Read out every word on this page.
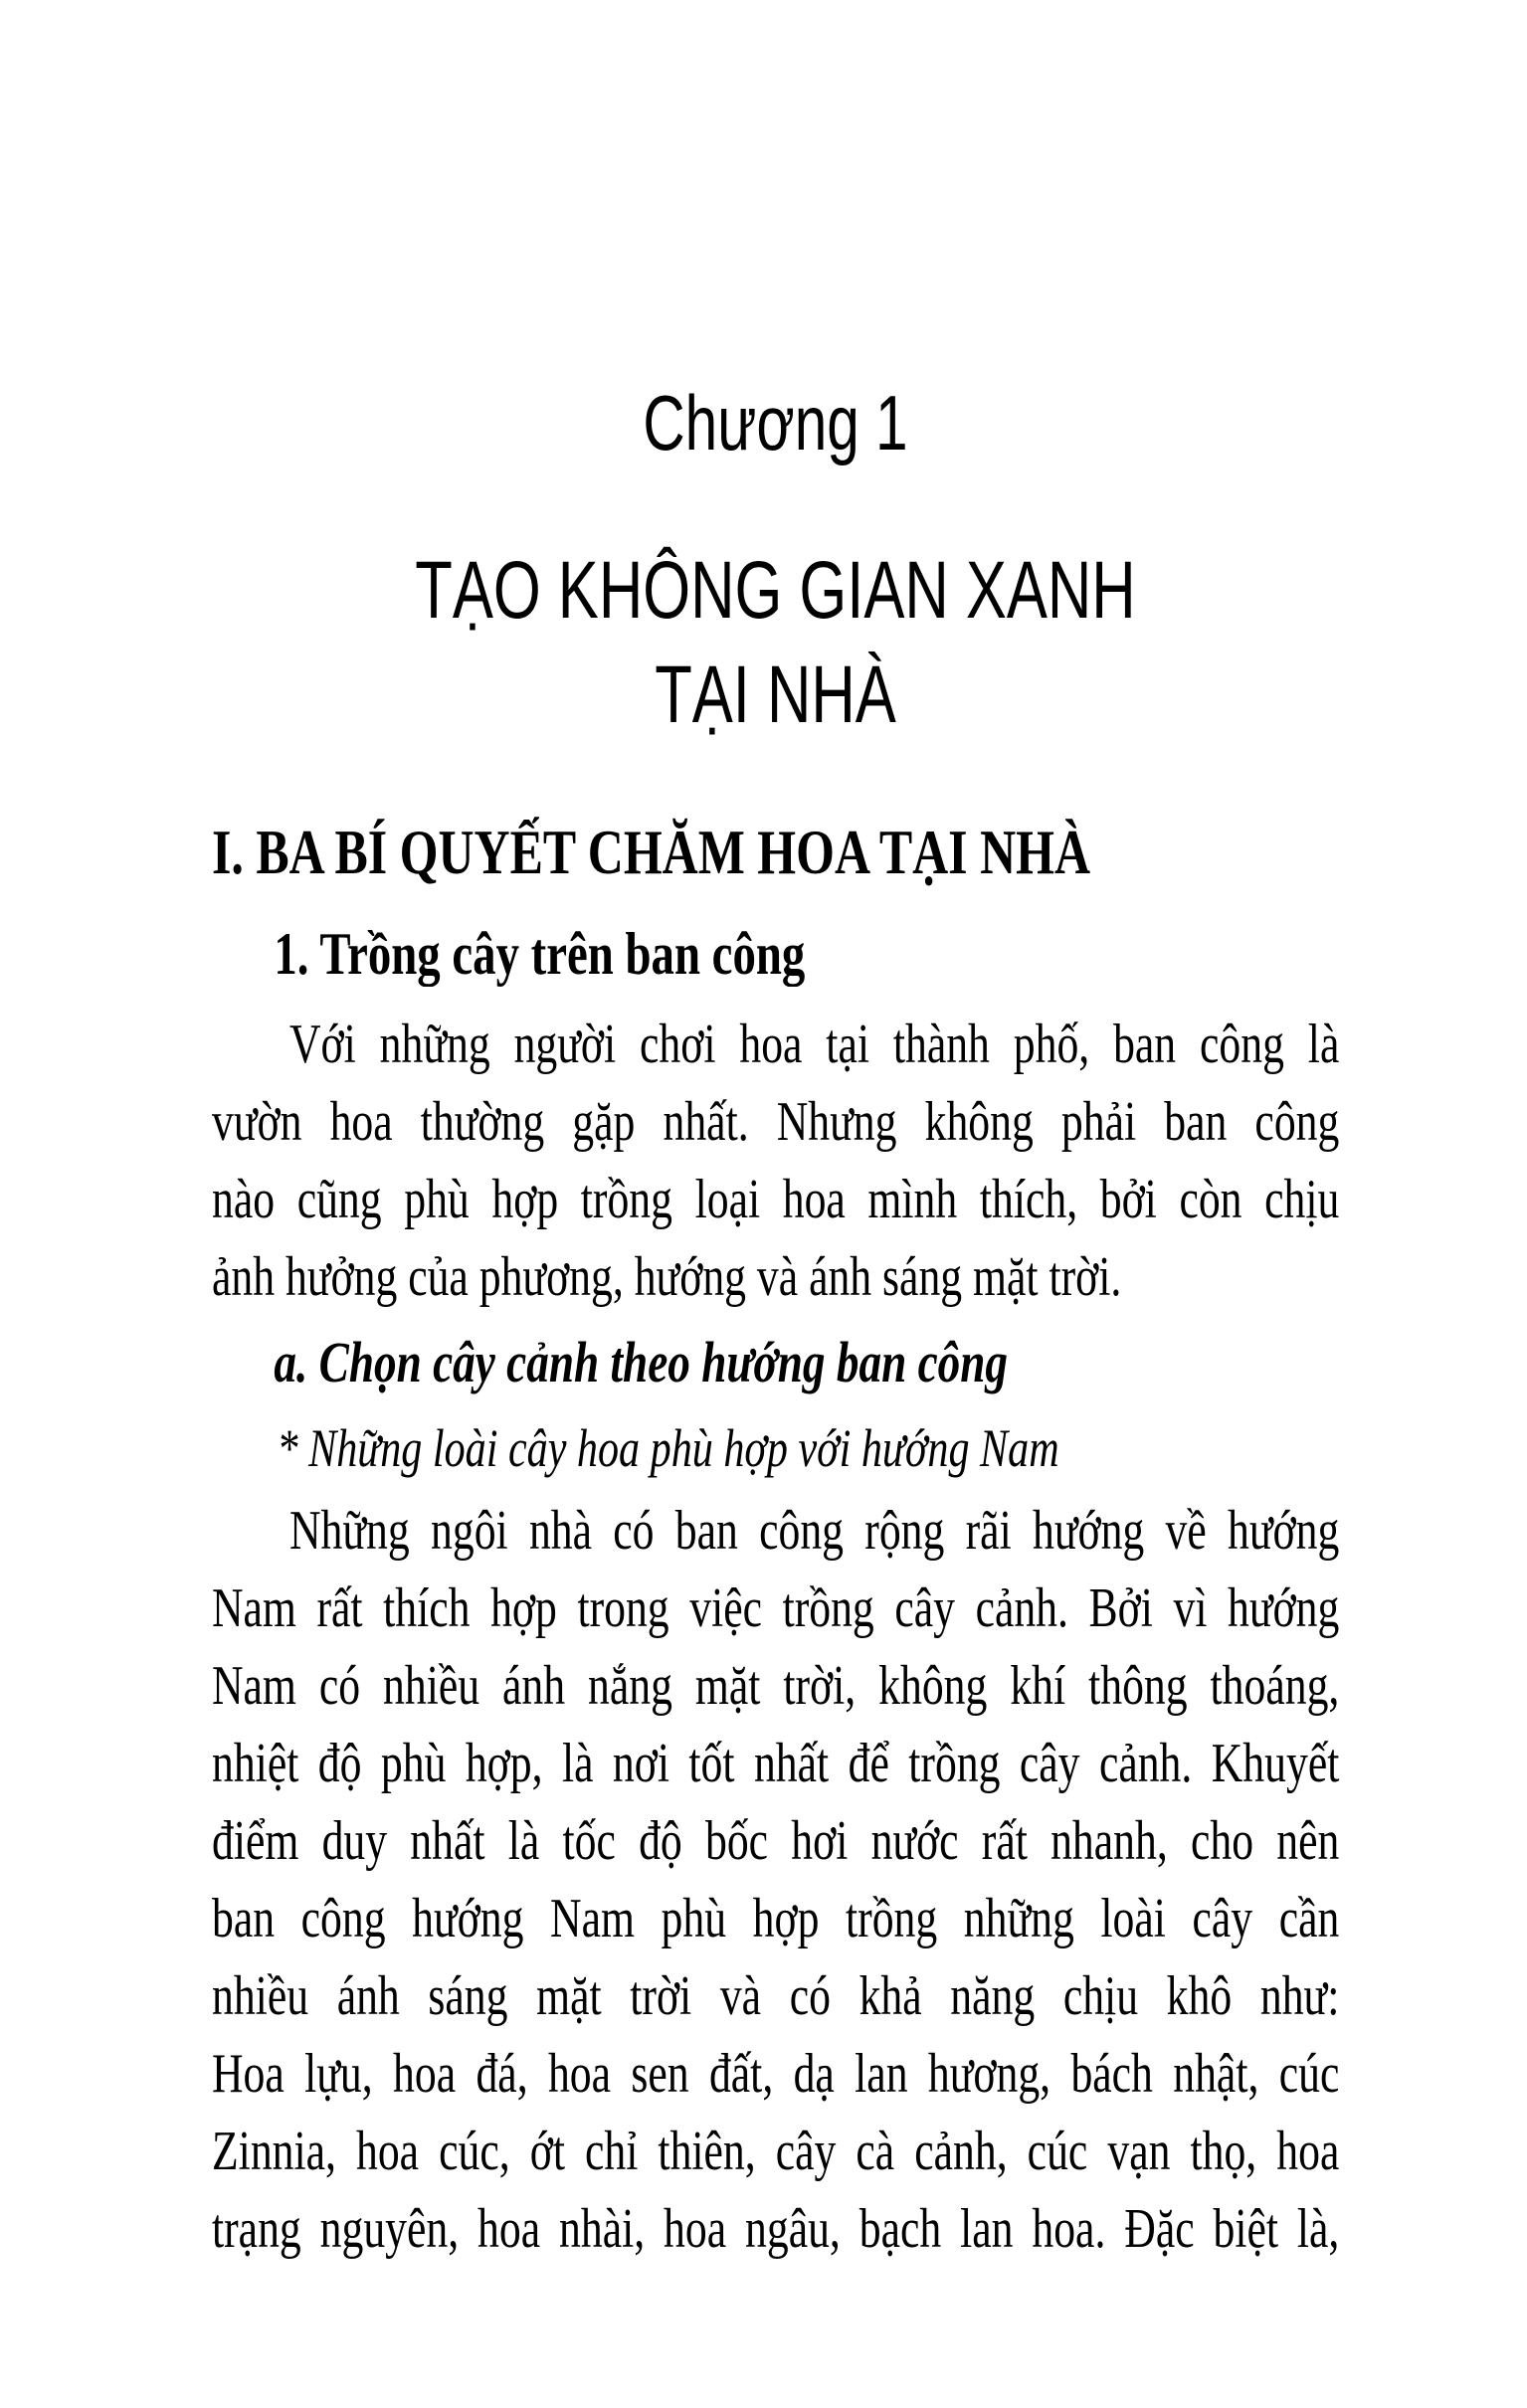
Chương 1
TẠO KHÔNG GIAN XANH
TẠI NHÀ
I. BA BÍ QUYẾT CHĂM HOA TẠI NHÀ
1. Trồng cây trên ban công
Với những người chơi hoa tại thành phố, ban công là
vườn hoa thường gặp nhất. Nhưng không phải ban công
nào cũng phù hợp trồng loại hoa mình thích, bởi còn chịu
ảnh hưởng của phương, hướng và ánh sáng mặt trời.
a. Chọn cây cảnh theo hướng ban công
* Những loài cây hoa phù hợp với hướng Nam
Những ngôi nhà có ban công rộng rãi hướng về hướng
Nam rất thích hợp trong việc trồng cây cảnh. Bởi vì hướng
Nam có nhiều ánh nắng mặt trời, không khí thông thoáng,
nhiệt độ phù hợp, là nơi tốt nhất để trồng cây cảnh. Khuyết
điểm duy nhất là tốc độ bốc hơi nước rất nhanh, cho nên
ban công hướng Nam phù hợp trồng những loài cây cần
nhiều ánh sáng mặt trời và có khả năng chịu khô như:
Hoa lựu, hoa đá, hoa sen đất, dạ lan hương, bách nhật, cúc
Zinnia, hoa cúc, ớt chỉ thiên, cây cà cảnh, cúc vạn thọ, hoa
trạng nguyên, hoa nhài, hoa ngâu, bạch lan hoa. Đặc biệt là,
